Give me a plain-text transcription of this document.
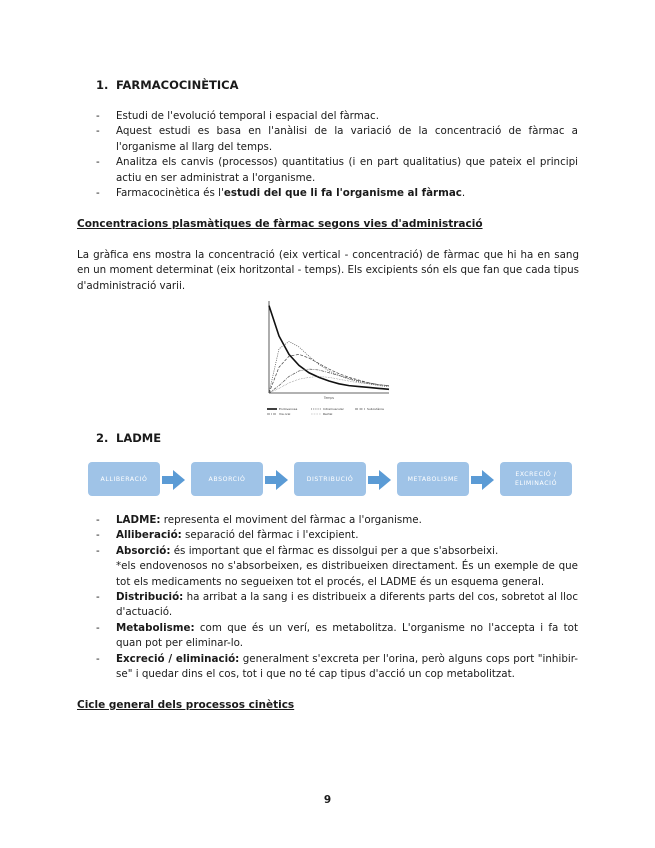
1. FARMACOCINÈTICA
- Estudi de l'evolució temporal i espacial del fàrmac.
- Aquest estudi es basa en l'anàlisi de la variació de la concentració de fàrmac a l'organisme al llarg del temps.
- Analitza els canvis (processos) quantitatius (i en part qualitatius) que pateix el principi actiu en ser administrat a l'organisme.
- Farmacocinètica és l'estudi del que li fa l'organisme al fàrmac.
Concentracions plasmàtiques de fàrmac segons vies d'administració
La gràfica ens mostra la concentració (eix vertical - concentració) de fàrmac que hi ha en sang en un moment determinat (eix horitzontal - temps). Els excipients són els que fan que cada tipus d'administració varii.
Temps
Endovenosa	Intramuscular	Subcutània
Via oral	Rectal
2. LADME
ALLIBERACIÓ	ABSORCIÓ	DISTRIBUCIÓ	METABOLISME
EXCRECIÓ / ELIMINACIÓ
- LADME: representa el moviment del fàrmac a l'organisme.
- Alliberació: separació del fàrmac i l'excipient.
- Absorció: és important que el fàrmac es dissolgui per a que s'absorbeixi.
*els endovenosos no s'absorbeixen, es distribueixen directament. És un exemple de que tot els medicaments no segueixen tot el procés, el LADME és un esquema general.
- Distribució: ha arribat a la sang i es distribueix a diferents parts del cos, sobretot al lloc d'actuació.
- Metabolisme: com que és un verí, es metabolitza. L'organisme no l'accepta i fa tot quan pot per eliminar-lo.
- Excreció / eliminació: generalment s'excreta per l'orina, però alguns cops port "inhibir-se" i quedar dins el cos, tot i que no té cap tipus d'acció un cop metabolitzat.
Cicle general dels processos cinètics
9
